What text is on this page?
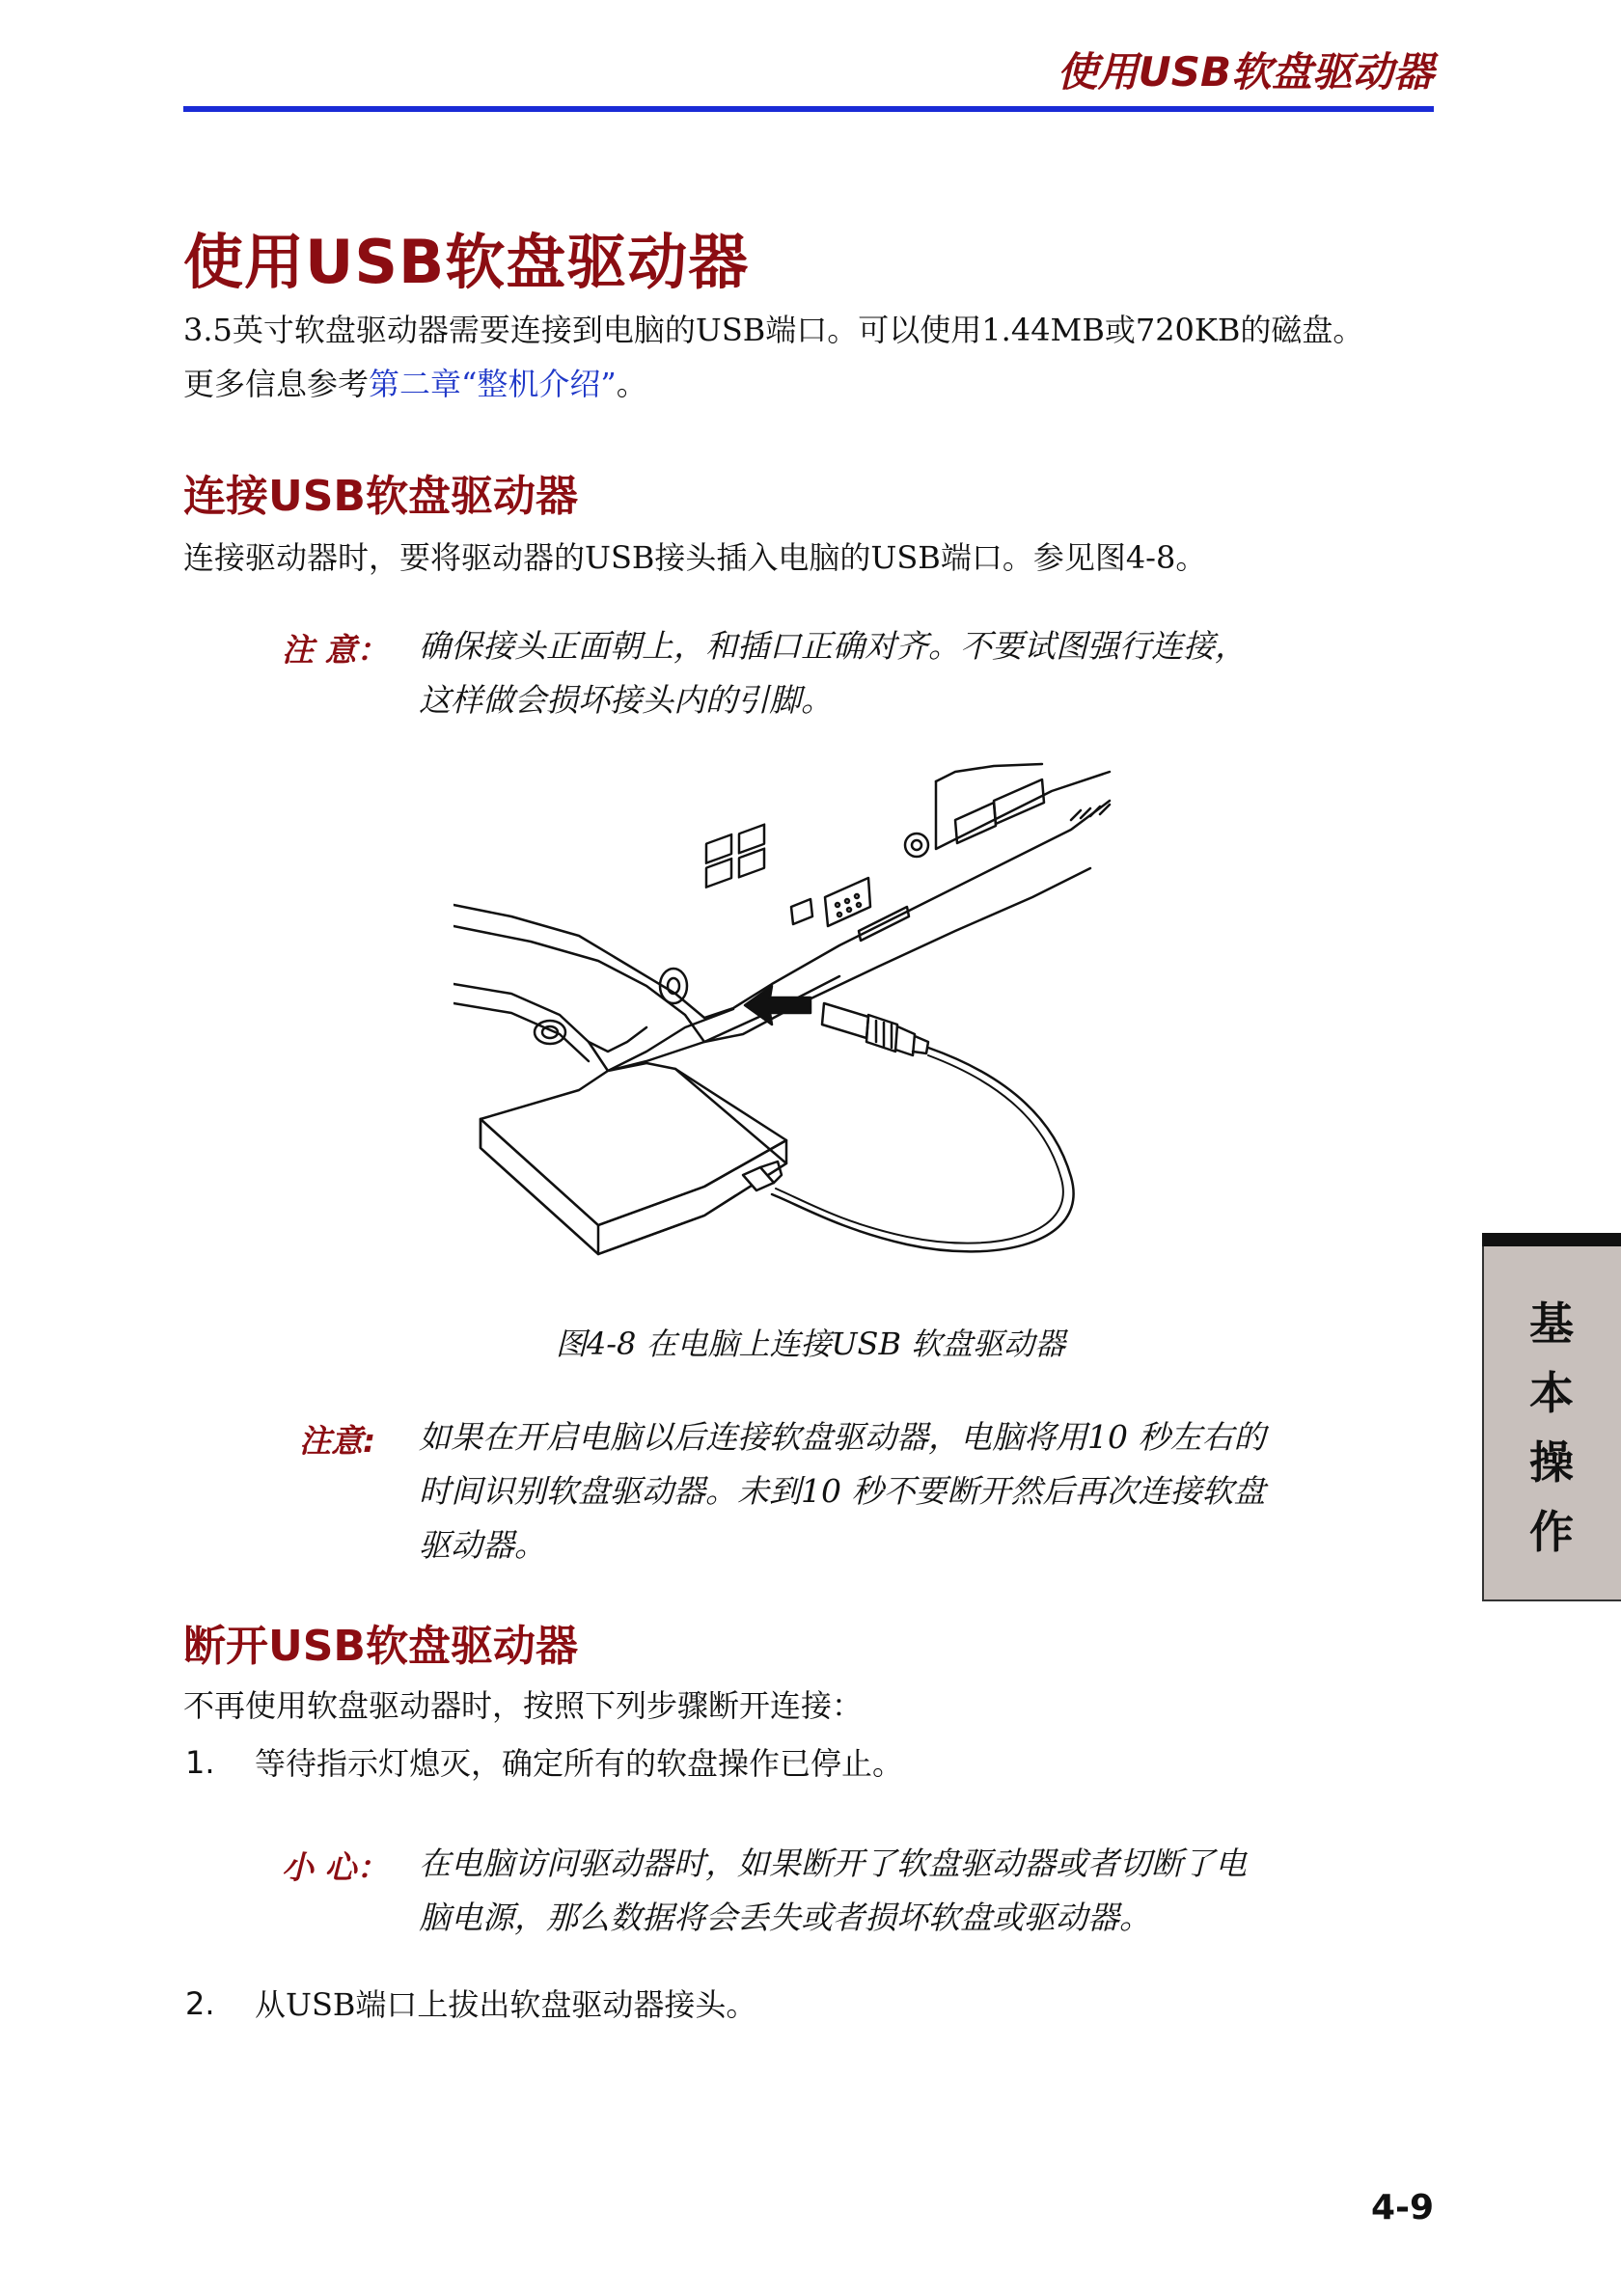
使用USB软盘驱动器
使用USB软盘驱动器
3.5英寸软盘驱动器需要连接到电脑的USB端口。可以使用1.44MB或720KB的磁盘。
更多信息参考第二章“整机介绍”。
连接USB软盘驱动器
连接驱动器时，要将驱动器的USB接头插入电脑的USB端口。参见图4-8。
注 意： 确保接头正面朝上，和插口正确对齐。不要试图强行连接，
这样做会损坏接头内的引脚。
图4-8 在电脑上连接USB 软盘驱动器
注意: 如果在开启电脑以后连接软盘驱动器，电脑将用10 秒左右的
时间识别软盘驱动器。未到10 秒不要断开然后再次连接软盘
驱动器。
断开USB软盘驱动器
不再使用软盘驱动器时，按照下列步骤断开连接：
1. 等待指示灯熄灭，确定所有的软盘操作已停止。
小 心： 在电脑访问驱动器时，如果断开了软盘驱动器或者切断了电
脑电源，那么数据将会丢失或者损坏软盘或驱动器。
2. 从USB端口上拔出软盘驱动器接头。
基
本
操
作
4-9
